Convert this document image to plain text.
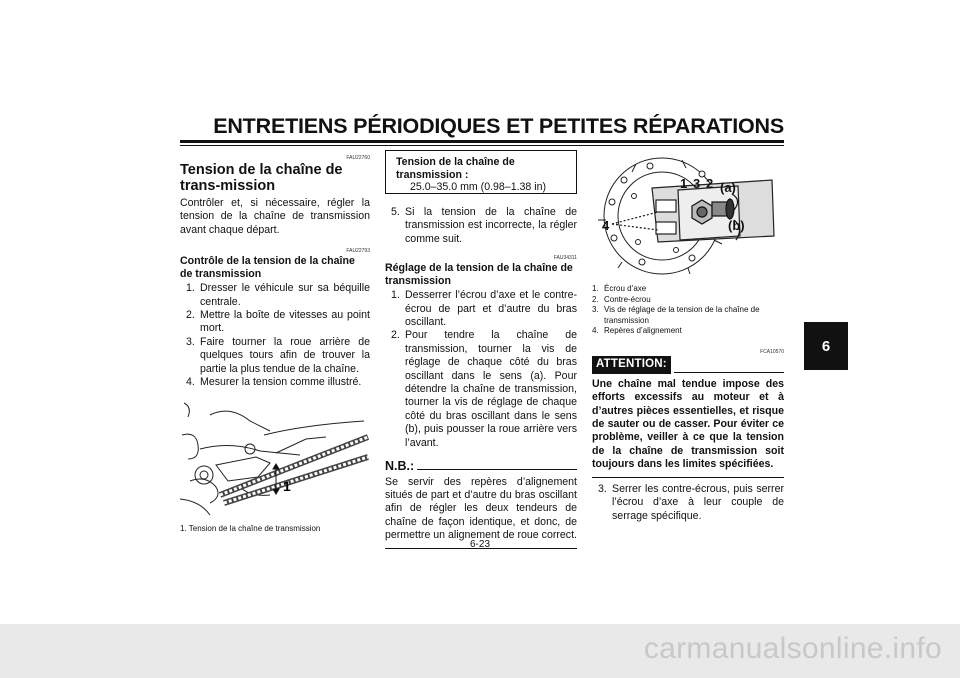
ENTRETIENS PÉRIODIQUES ET PETITES RÉPARATIONS
6
FAU22760
Tension de la chaîne de trans-mission

Contrôler et, si nécessaire, régler la tension de la chaîne de transmission avant chaque départ.

FAU22793
Contrôle de la tension de la chaîne de transmission
1. Dresser le véhicule sur sa béquille centrale.
2. Mettre la boîte de vitesses au point mort.
3. Faire tourner la roue arrière de quelques tours afin de trouver la partie la plus tendue de la chaîne.
4. Mesurer la tension comme illustré.
1
1. Tension de la chaîne de transmission
Tension de la chaîne de transmission :
25.0–35.0 mm (0.98–1.38 in)
5. Si la tension de la chaîne de transmission est incorrecte, la régler comme suit.
FAU34311
Réglage de la tension de la chaîne de transmission
1. Desserrer l’écrou d’axe et le contre-écrou de part et d’autre du bras oscillant.
2. Pour tendre la chaîne de transmission, tourner la vis de réglage de chaque côté du bras oscillant dans le sens (a). Pour détendre la chaîne de transmission, tourner la vis de réglage de chaque côté du bras oscillant dans le sens (b), puis pousser la roue arrière vers l’avant.
N.B.:

Se servir des repères d’alignement situés de part et d’autre du bras oscillant afin de régler les deux tendeurs de chaîne de façon identique, et donc, de permettre un alignement de roue correct.

1 3 2 (a)
4	(b)
1. Écrou d’axe
2. Contre-écrou
3. Vis de réglage de la tension de la chaîne de transmission
4. Repères d’alignement
FCA10570
ATTENTION:

Une chaîne mal tendue impose des efforts excessifs au moteur et à d’autres pièces essentielles, et risque de sauter ou de casser. Pour éviter ce problème, veiller à ce que la tension de la chaîne de transmission soit toujours dans les limites spécifiées.

3. Serrer les contre-écrous, puis serrer l’écrou d’axe à leur couple de serrage spécifique.
6-23
carmanualsonline.info
